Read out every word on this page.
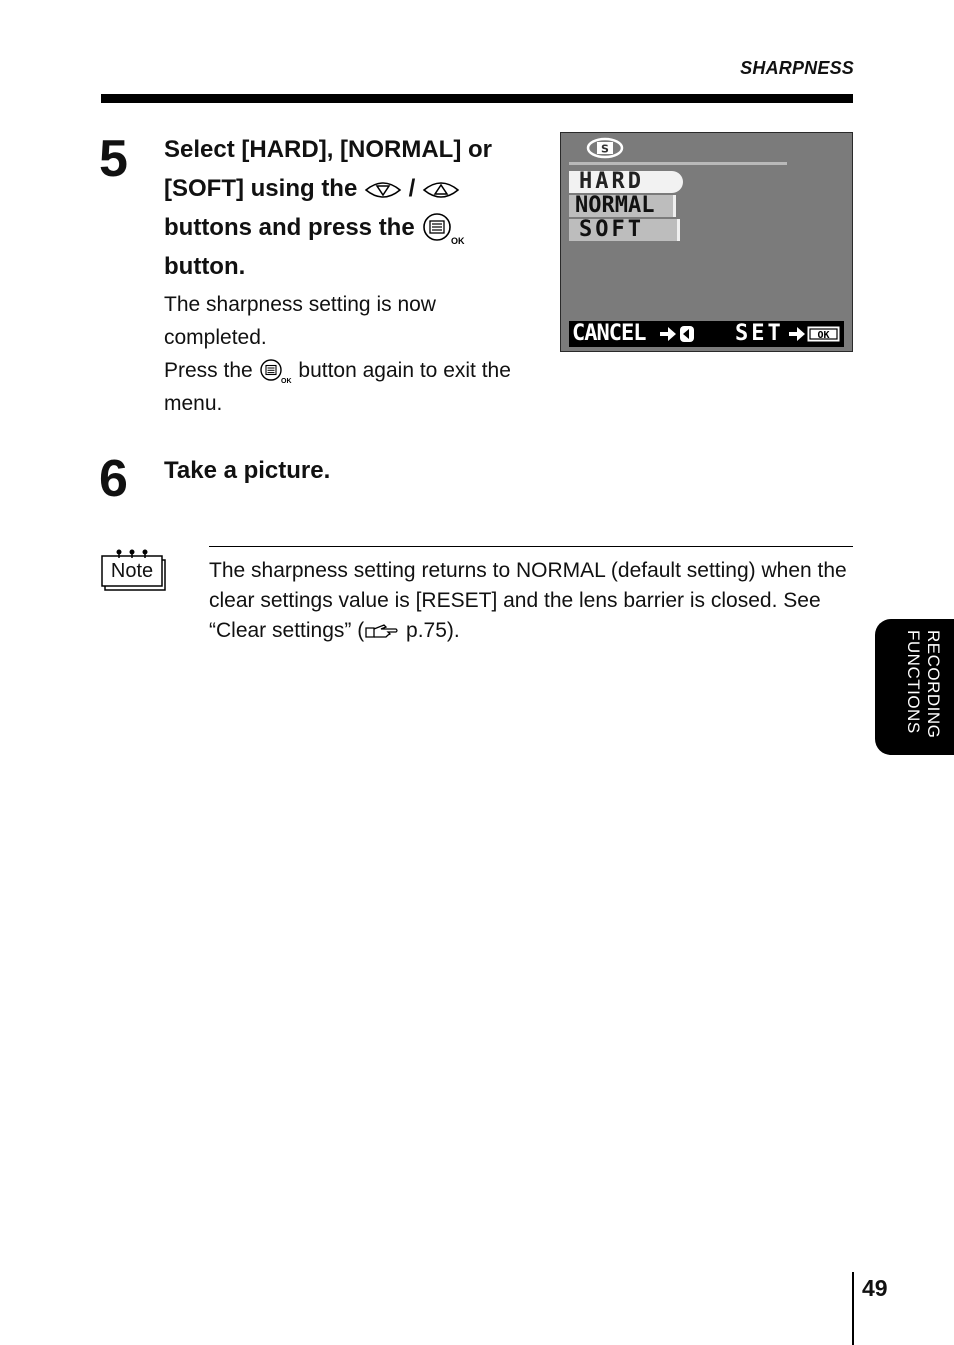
SHARPNESS
5 Select [HARD], [NORMAL] or
[SOFT] using the /
buttons and press the	OK

button.

The sharpness setting is now completed.

Press the	OK button again to exit the menu.

S
HARD
NORMAL
SOFT
CANCEL	SET	OK
6 Take a picture.
Note	The sharpness setting returns to NORMAL (default setting) when the clear settings value is [RESET] and the lens barrier is closed. See “Clear settings” ( p.75).	RECORDING
FUNCTIONS
49
